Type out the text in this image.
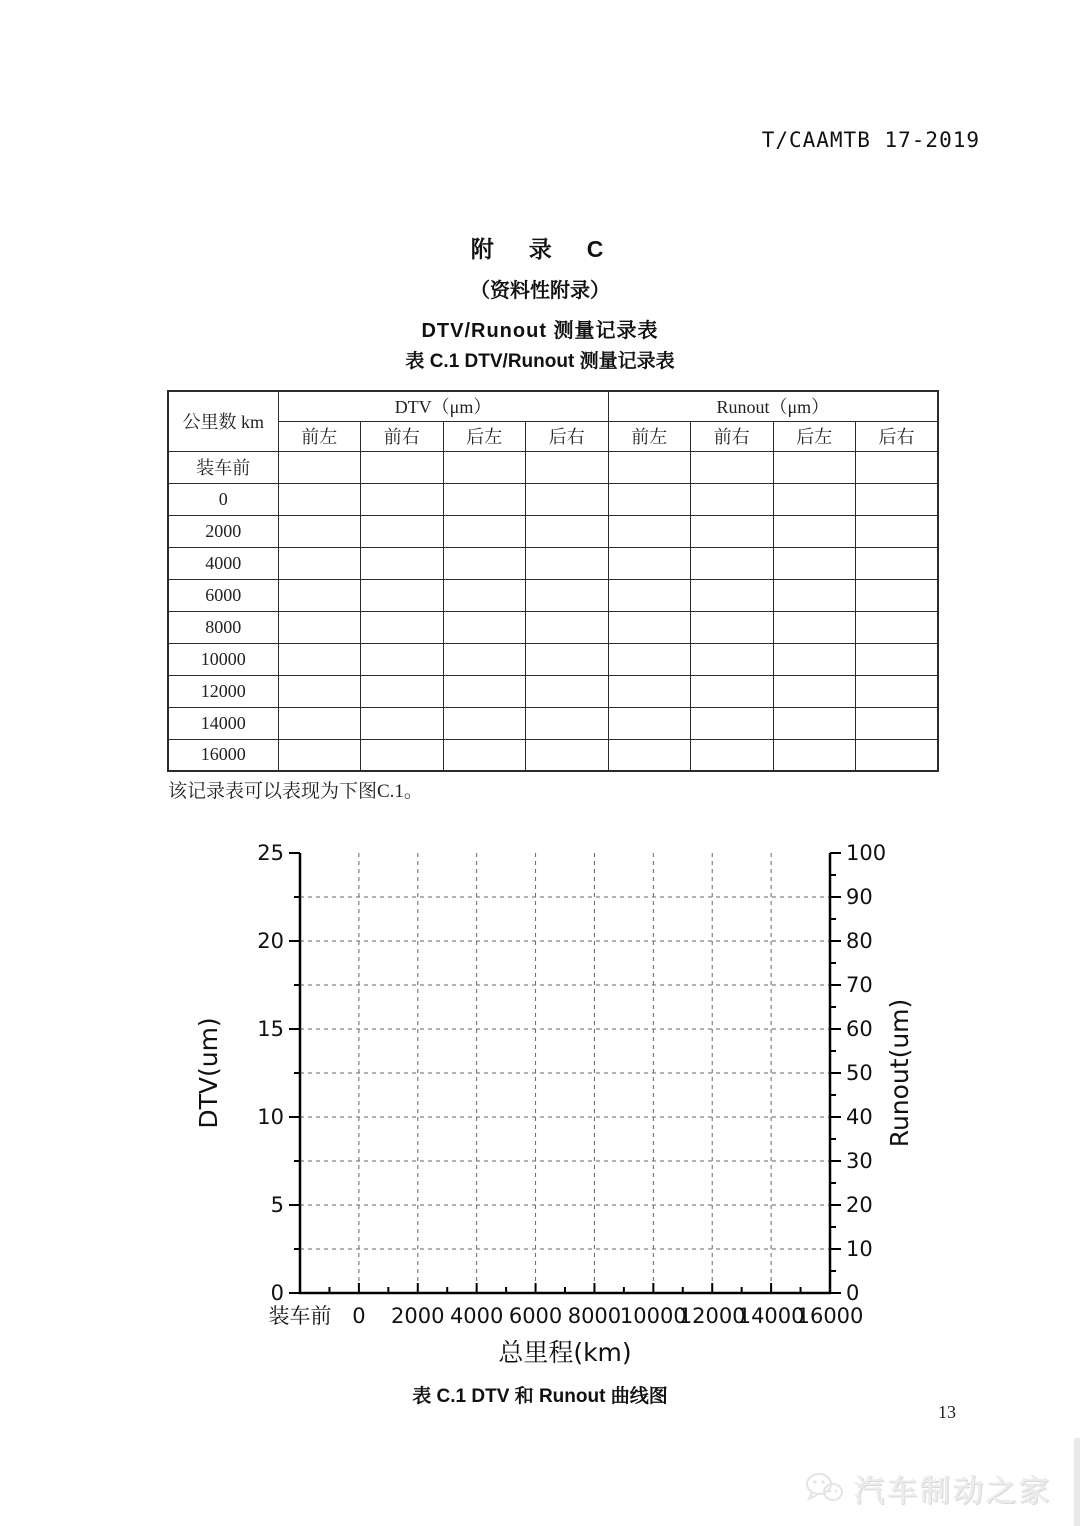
T/CAAMTB 17-2019
附　录　C
（资料性附录）
DTV/Runout 测量记录表
表 C.1 DTV/Runout 测量记录表
公里数 km	DTV（μm）				Runout（μm）			
	前左	前右	后左	后右	前左	前右	后左	后右
装车前								
0								
2000								
4000								
6000								
8000								
10000								
12000								
14000								
16000								
该记录表可以表现为下图C.1。
0
5
10
15
20
25
0
10
20
30
40
50
60
70
80
90
100
装车前 0 2000 4000 6000 8000
10000
12000
14000
16000
DTV(um)	Runout(um)
总里程(km)
表 C.1 DTV 和 Runout 曲线图
13
汽车制动之家
